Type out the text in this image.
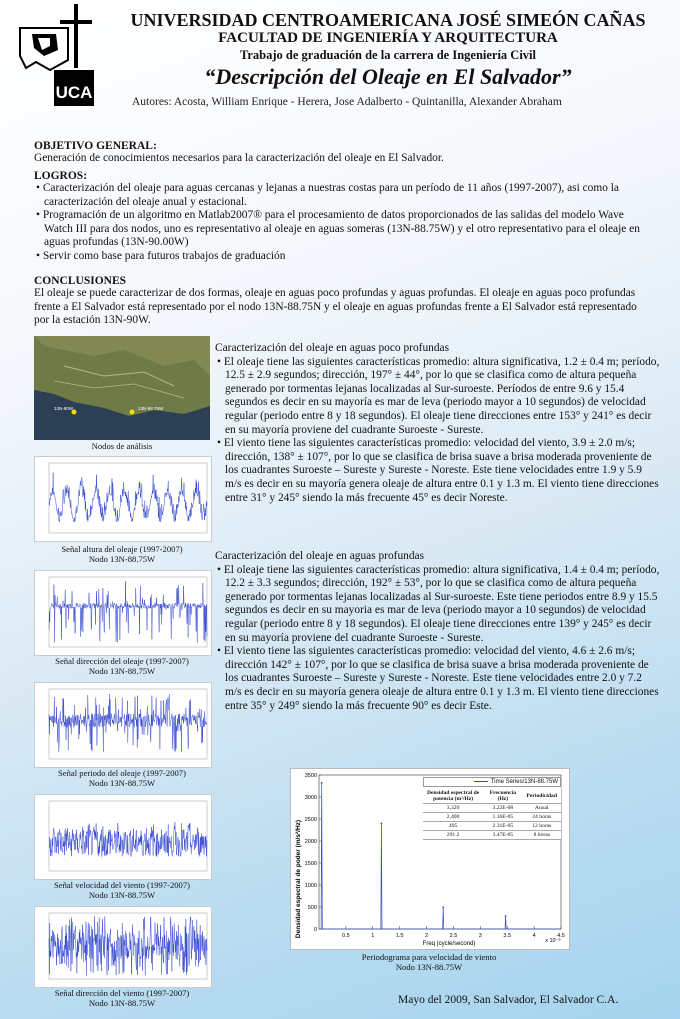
UCA
UNIVERSIDAD CENTROAMERICANA JOSÉ SIMEÓN CAÑAS
FACULTAD DE INGENIERÍA Y ARQUITECTURA
Trabajo de graduación de la carrera de Ingeniería Civil
“Descripción del Oleaje en El Salvador”
Autores: Acosta, William Enrique - Herera, Jose Adalberto - Quintanilla, Alexander Abraham
OBJETIVO GENERAL:
Generación de conocimientos necesarios para la caracterización del oleaje en El Salvador.
LOGROS:
• Caracterización del oleaje para aguas cercanas y lejanas a nuestras costas para un período de 11 años (1997-2007), asi como la caracterización del oleaje anual y estacional.
• Programación de un algoritmo en Matlab2007® para el procesamiento de datos proporcionados de las salidas del modelo Wave Watch III para dos nodos, uno es representativo al oleaje en aguas someras (13N-88.75W) y el otro representativo para el oleaje en aguas profundas (13N-90.00W)
• Servir como base para futuros trabajos de graduación
CONCLUSIONES
El oleaje se puede caracterizar de dos formas, oleaje en aguas poco profundas y aguas profundas. El oleaje en aguas poco profundas frente a El Salvador está representado por el nodo 13N-88.75N y el oleaje en aguas profundas frente a El Salvador está representado por la estación 13N-90W.
Caracterización del oleaje en aguas poco profundas
• El oleaje tiene las siguientes características promedio: altura significativa, 1.2 ± 0.4 m; período, 12.5 ± 2.9 segundos; dirección, 197° ± 44°, por lo que se clasifica como de altura pequeña generado por tormentas lejanas localizadas al Sur-suroeste. Períodos de entre 9.6 y 15.4 segundos es decir en su mayoría es mar de leva (periodo mayor a 10 segundos) de velocidad regular (periodo entre 8 y 18 segundos). El oleaje tiene direcciones entre 153° y 241° es decir en su mayoría proviene del cuadrante Suroeste - Sureste.
• El viento tiene las siguientes características promedio: velocidad del viento, 3.9 ± 2.0 m/s; dirección, 138° ± 107°, por lo que se clasifica de brisa suave a brisa moderada proveniente de los cuadrantes Suroeste – Sureste y Sureste - Noreste. Este tiene velocidades entre 1.9 y 5.9 m/s es decir en su mayoría genera oleaje de altura entre 0.1 y 1.3 m. El viento tiene direcciones entre 31° y 245° siendo la más frecuente 45° es decir Noreste.
Caracterización del oleaje en aguas profundas
• El oleaje tiene las siguientes características promedio: altura significativa, 1.4 ± 0.4 m; período, 12.2 ± 3.3 segundos; dirección, 192° ± 53°, por lo que se clasifica como de altura pequeña generado por tormentas lejanas localizadas al Sur-suroeste. Este tiene periodos entre 8.9 y 15.5 segundos es decir en su mayoria es mar de leva (periodo mayor a 10 segundos) de velocidad regular (periodo entre 8 y 18 segundos). El oleaje tiene direcciones entre 139° y 245° es decir en su mayoría proviene del cuadrante Suroeste - Sureste.
• El viento tiene las siguientes características promedio: velocidad del viento, 4.6 ± 2.6 m/s; dirección 142° ± 107°, por lo que se clasifica de brisa suave a brisa moderada proveniente de los cuadrantes Suroeste – Sureste y Sureste - Noreste. Este tiene velocidades entre 2.0 y 7.2 m/s es decir en su mayoría genera oleaje de altura entre 0.1 y 1.3 m. El viento tiene direcciones entre 35° y 249° siendo la más frecuente 90° es decir Este.
13N-90W	13N-88.75W
Nodos de análisis
Señal altura del oleaje (1997-2007)
Nodo 13N-88.75W
Señal dirección del oleaje (1997-2007)
Nodo 13N-88.75W
Señal periodo del oleaje (1997-2007)
Nodo 13N-88.75W
Señal velocidad del viento (1997-2007)
Nodo 13N-88.75W
Señal dirección del viento (1997-2007)
Nodo 13N-88.75W
Densidad espectral de poder (m/s²/Hz)
Freq (cycle/second)	x 10⁻⁵
0
500
1000
1500
2000
2500
3000
3500
0.5	1	1.5	2	2.5	3	3.5	4	4.5
Time Series/13N-88.75W
Densidad espectral de potencia (m²/Hz)	Frecuencia (Hz)	Periodicidad
3,320	3.22E-08	Anual
2,400	1.16E-05	24 horas
495	2.31E-05	12 horas
291.2	3.47E-05	8 horas
Periodograma para velocidad de viento
Nodo 13N-88.75W
Mayo del 2009, San Salvador, El Salvador C.A.
